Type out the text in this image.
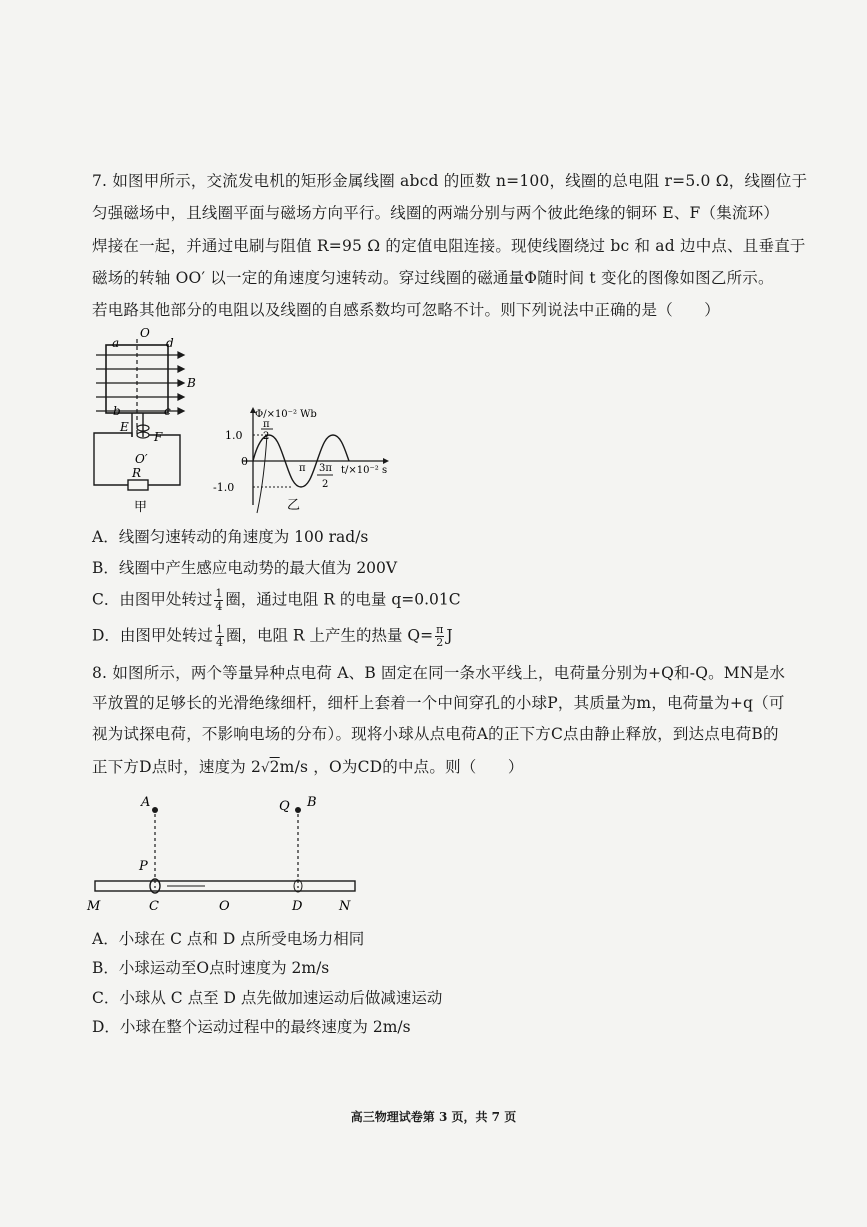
7. 如图甲所示，交流发电机的矩形金属线圈 abcd 的匝数 n=100，线圈的总电阻 r=5.0 Ω，线圈位于
匀强磁场中，且线圈平面与磁场方向平行。线圈的两端分别与两个彼此绝缘的铜环 E、F（集流环）
焊接在一起，并通过电刷与阻值 R=95 Ω 的定值电阻连接。现使线圈绕过 bc 和 ad 边中点、且垂直于
磁场的转轴 OO′ 以一定的角速度匀速转动。穿过线圈的磁通量Φ随时间 t 变化的图像如图乙所示。
若电路其他部分的电阻以及线圈的自感系数均可忽略不计。则下列说法中正确的是（　　）
O
a	d
b	c
B
E
F
O′
R
甲
Φ/×10⁻² Wb
t/×10⁻² s
1.0
0
-1.0
π
2
π 3π
2
乙
A．线圈匀速转动的角速度为 100 rad/s
B．线圈中产生感应电动势的最大值为 200V
C．由图甲处转过 $\frac{1}{4}$ 圈，通过电阻 R 的电量 q=0.01C
D．由图甲处转过 $\frac{1}{4}$ 圈，电阻 R 上产生的热量 $Q= \frac{\pi}{2}$ J
8. 如图所示，两个等量异种点电荷 A、B 固定在同一条水平线上，电荷量分别为+Q和-Q。MN是水
平放置的足够长的光滑绝缘细杆，细杆上套着一个中间穿孔的小球P，其质量为m，电荷量为+q（可
视为试探电荷，不影响电场的分布）。现将小球从点电荷A的正下方C点由静止释放，到达点电荷B的
正下方D点时，速度为 2√2m/s ，O为CD的中点。则（　　）
A	Q B
P
M	C	O	D	N
A．小球在 C 点和 D 点所受电场力相同
B．小球运动至O点时速度为 2m/s
C．小球从 C 点至 D 点先做加速运动后做减速运动
D．小球在整个运动过程中的最终速度为 2m/s
高三物理试卷第 3 页，共 7 页
